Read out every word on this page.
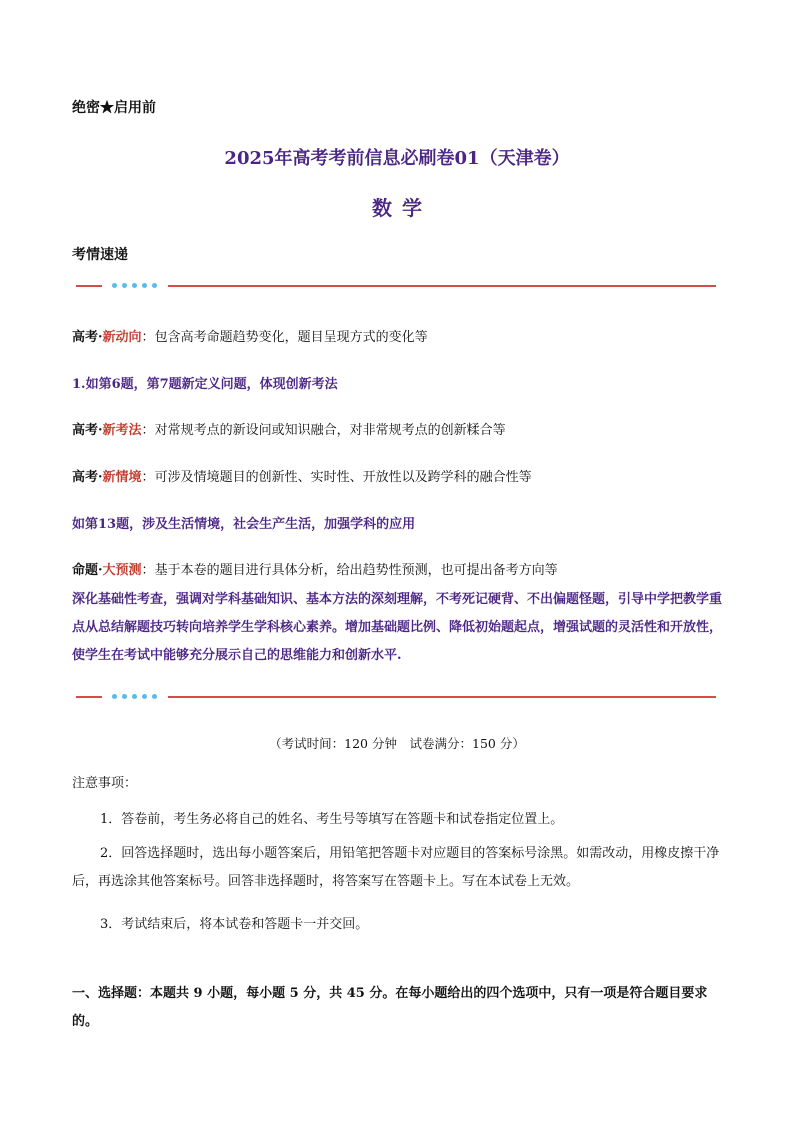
绝密★启用前
2025年高考考前信息必刷卷01（天津卷）
数学
考情速递
高考·新动向：包含高考命题趋势变化，题目呈现方式的变化等
1.如第6题，第7题新定义问题，体现创新考法
高考·新考法：对常规考点的新设问或知识融合，对非常规考点的创新糅合等
高考·新情境：可涉及情境题目的创新性、实时性、开放性以及跨学科的融合性等
如第13题，涉及生活情境，社会生产生活，加强学科的应用
命题·大预测：基于本卷的题目进行具体分析，给出趋势性预测，也可提出备考方向等
深化基础性考查，强调对学科基础知识、基本方法的深刻理解，不考死记硬背、不出偏题怪题，引导中学把教学重点从总结解题技巧转向培养学生学科核心素养。增加基础题比例、降低初始题起点，增强试题的灵活性和开放性，使学生在考试中能够充分展示自己的思维能力和创新水平.
（考试时间：120 分钟　试卷满分：150 分）
注意事项：
1．答卷前，考生务必将自己的姓名、考生号等填写在答题卡和试卷指定位置上。
2．回答选择题时，选出每小题答案后，用铅笔把答题卡对应题目的答案标号涂黑。如需改动，用橡皮擦干净后，再选涂其他答案标号。回答非选择题时，将答案写在答题卡上。写在本试卷上无效。
3．考试结束后，将本试卷和答题卡一并交回。
一、选择题：本题共 9 小题，每小题 5 分，共 45 分。在每小题给出的四个选项中，只有一项是符合题目要求的。
